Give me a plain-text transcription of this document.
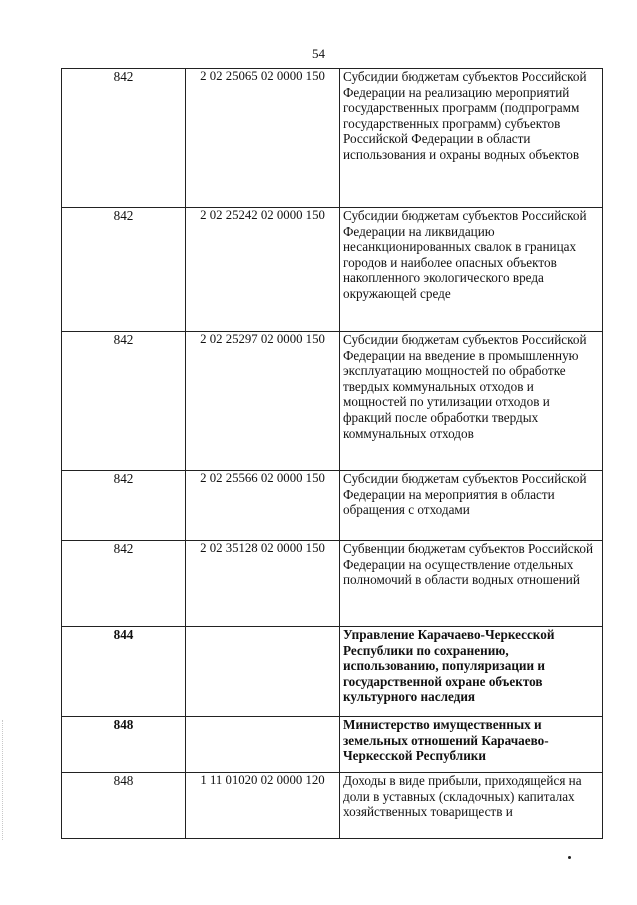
54
842	2 02 25065 02 0000 150	Субсидии бюджетам субъектов Российской Федерации на реализацию мероприятий государственных программ (подпрограмм государственных программ) субъектов Российской Федерации в области использования и охраны водных объектов
842	2 02 25242 02 0000 150	Субсидии бюджетам субъектов Российской Федерации на ликвидацию несанкционированных свалок в границах городов и наиболее опасных объектов накопленного экологического вреда окружающей среде
842	2 02 25297 02 0000 150	Субсидии бюджетам субъектов Российской Федерации на введение в промышленную эксплуатацию мощностей по обработке твердых коммунальных отходов и мощностей по утилизации отходов и фракций после обработки твердых коммунальных отходов
842	2 02 25566 02 0000 150	Субсидии бюджетам субъектов Российской Федерации на мероприятия в области обращения с отходами
842	2 02 35128 02 0000 150	Субвенции бюджетам субъектов Российской Федерации на осуществление отдельных полномочий в области водных отношений
844		Управление Карачаево-Черкесской Республики по сохранению, использованию, популяризации и государственной охране объектов культурного наследия
848		Министерство имущественных и земельных отношений Карачаево-Черкесской Республики
848	1 11 01020 02 0000 120	Доходы в виде прибыли, приходящейся на доли в уставных (складочных) капиталах хозяйственных товариществ и
